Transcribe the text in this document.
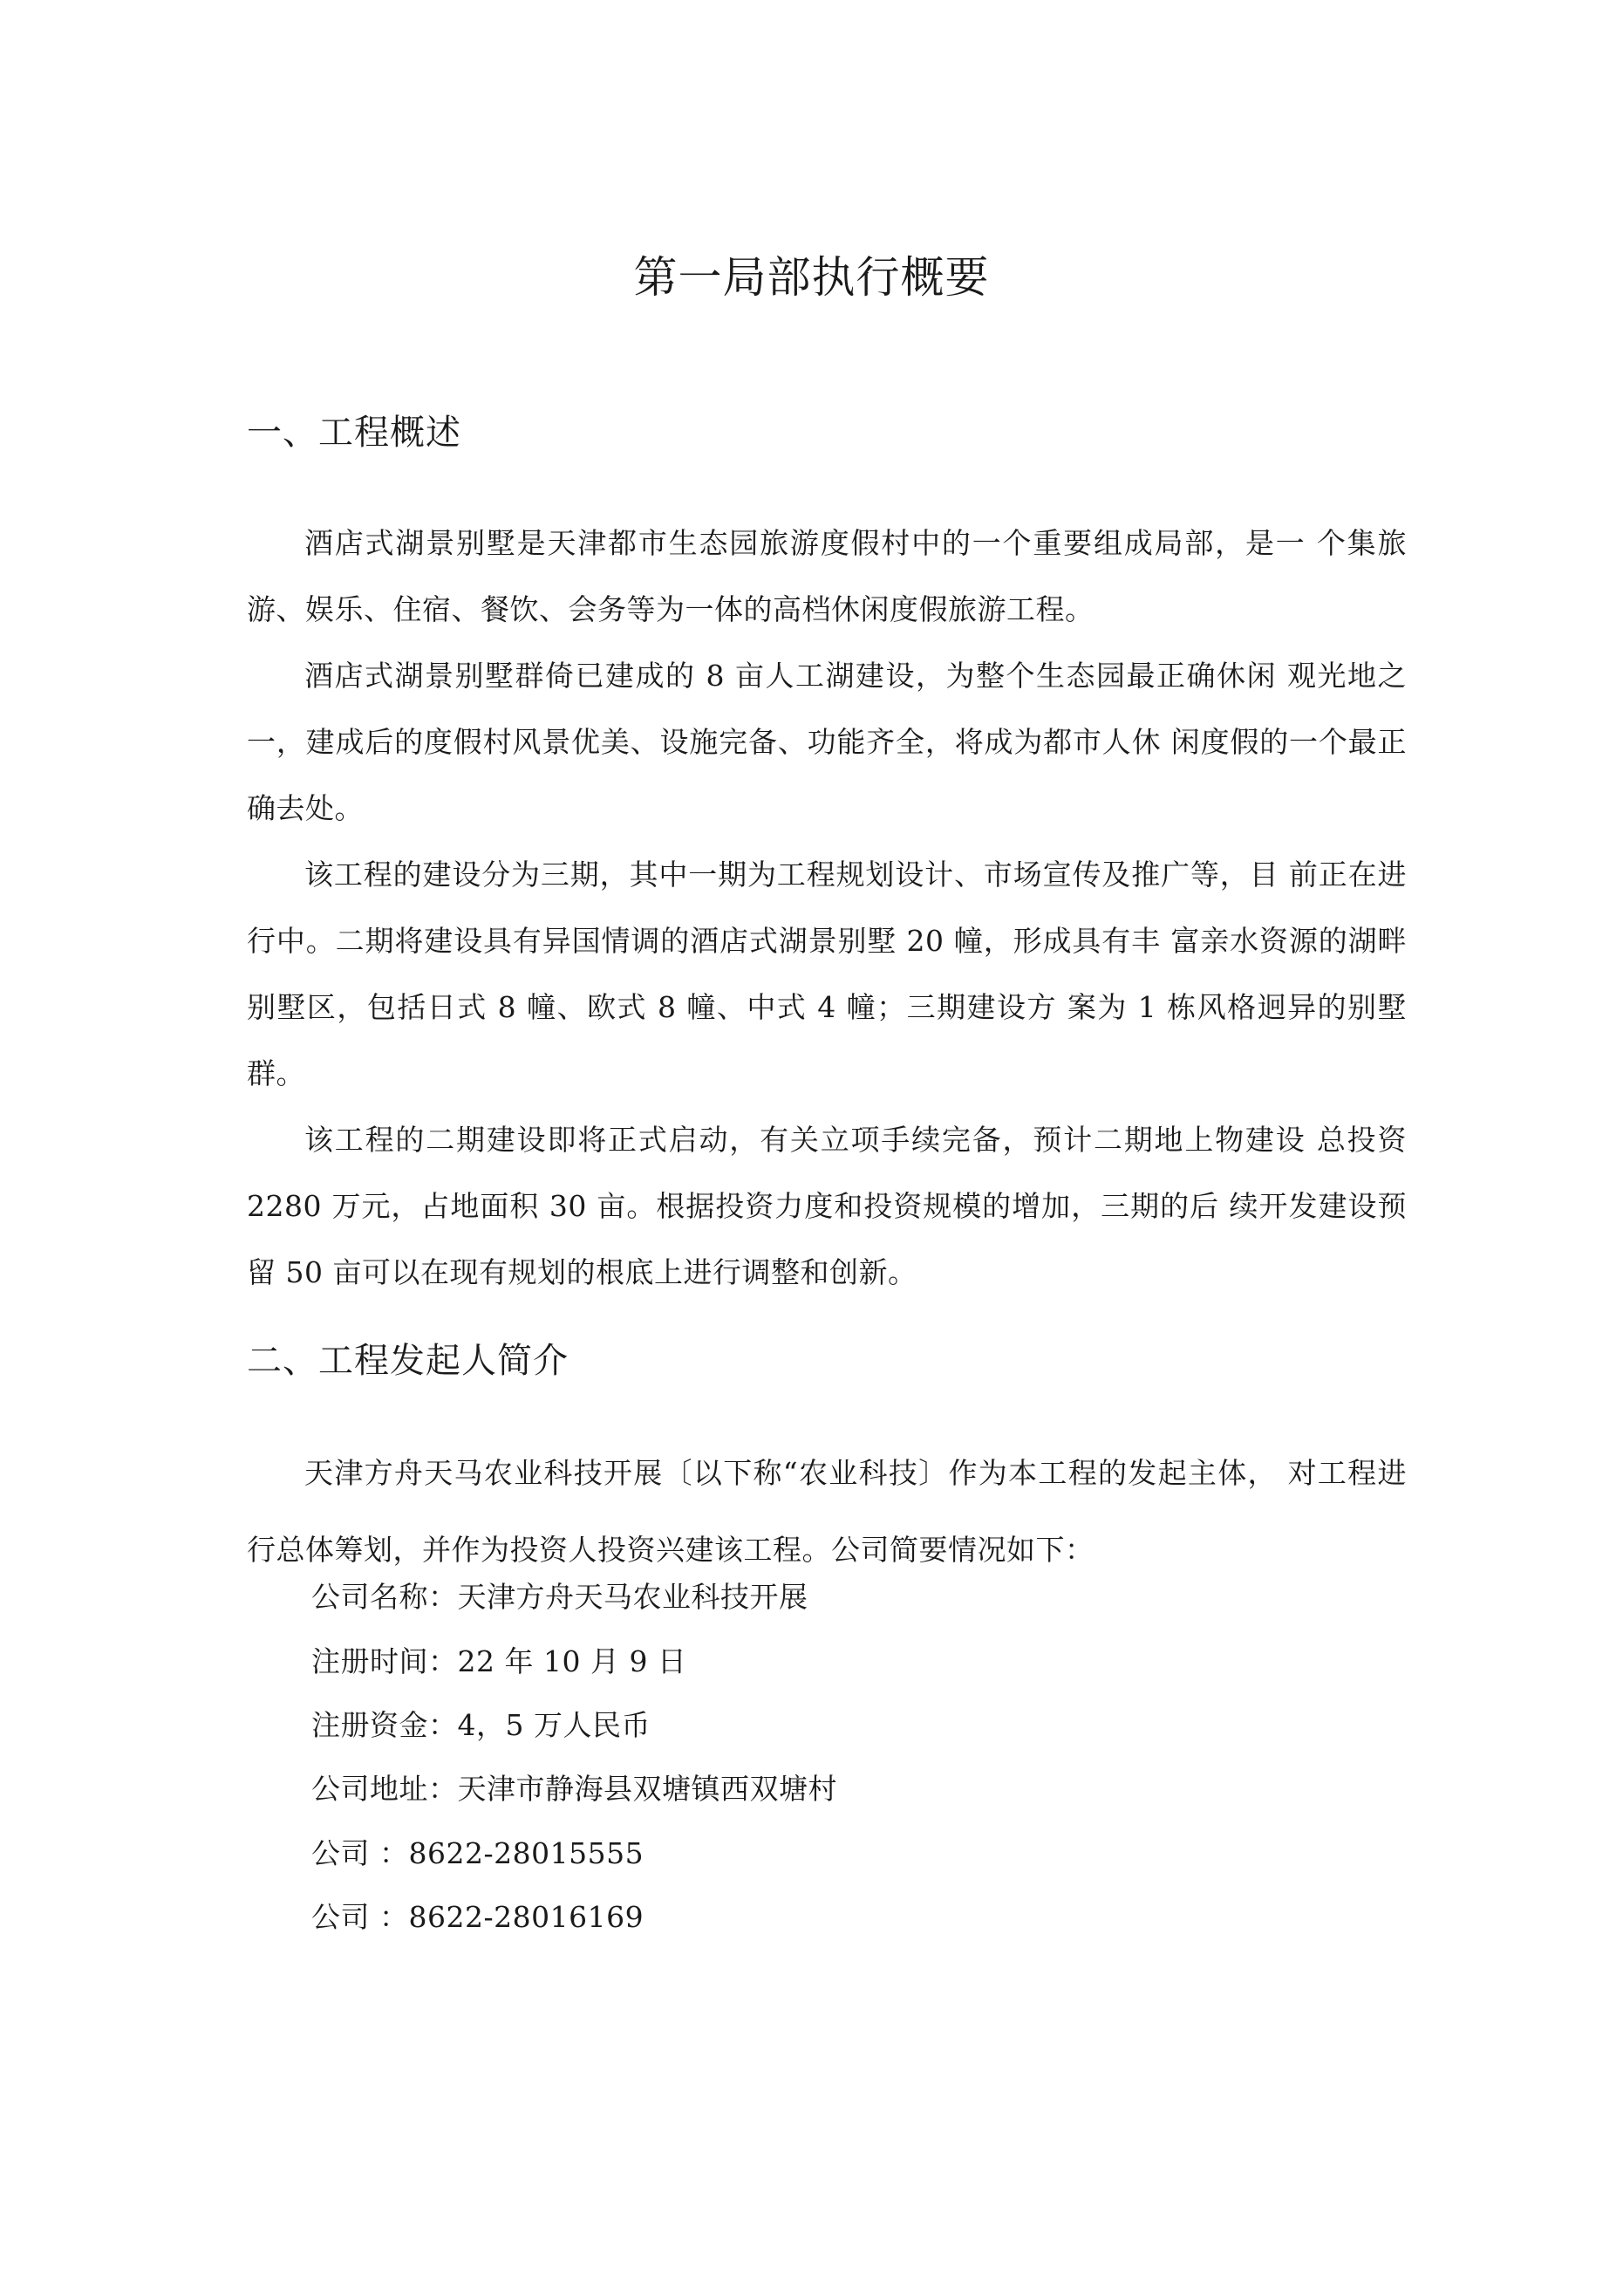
第一局部执行概要
一、工程概述

酒店式湖景别墅是天津都市生态园旅游度假村中的一个重要组成局部，是一 个集旅游、娱乐、住宿、餐饮、会务等为一体的高档休闲度假旅游工程。

酒店式湖景别墅群倚已建成的 8 亩人工湖建设，为整个生态园最正确休闲 观光地之一，建成后的度假村风景优美、设施完备、功能齐全，将成为都市人休 闲度假的一个最正确去处。

该工程的建设分为三期，其中一期为工程规划设计、市场宣传及推广等，目 前正在进行中。二期将建设具有异国情调的酒店式湖景别墅 20 幢，形成具有丰 富亲水资源的湖畔别墅区，包括日式 8 幢、欧式 8 幢、中式 4 幢；三期建设方 案为 1 栋风格迥异的别墅群。

该工程的二期建设即将正式启动，有关立项手续完备，预计二期地上物建设 总投资 2280 万元，占地面积 30 亩。根据投资力度和投资规模的增加，三期的后 续开发建设预留 50 亩可以在现有规划的根底上进行调整和创新。

二、工程发起人简介

天津方舟天马农业科技开展〔以下称“农业科技〕作为本工程的发起主体， 对工程进行总体筹划，并作为投资人投资兴建该工程。公司简要情况如下：

公司名称：天津方舟天马农业科技开展
注册时间：22 年 10 月 9 日
注册资金：4，5 万人民币
公司地址：天津市静海县双塘镇西双塘村
公司 ：8622-28015555
公司 ：8622-28016169
